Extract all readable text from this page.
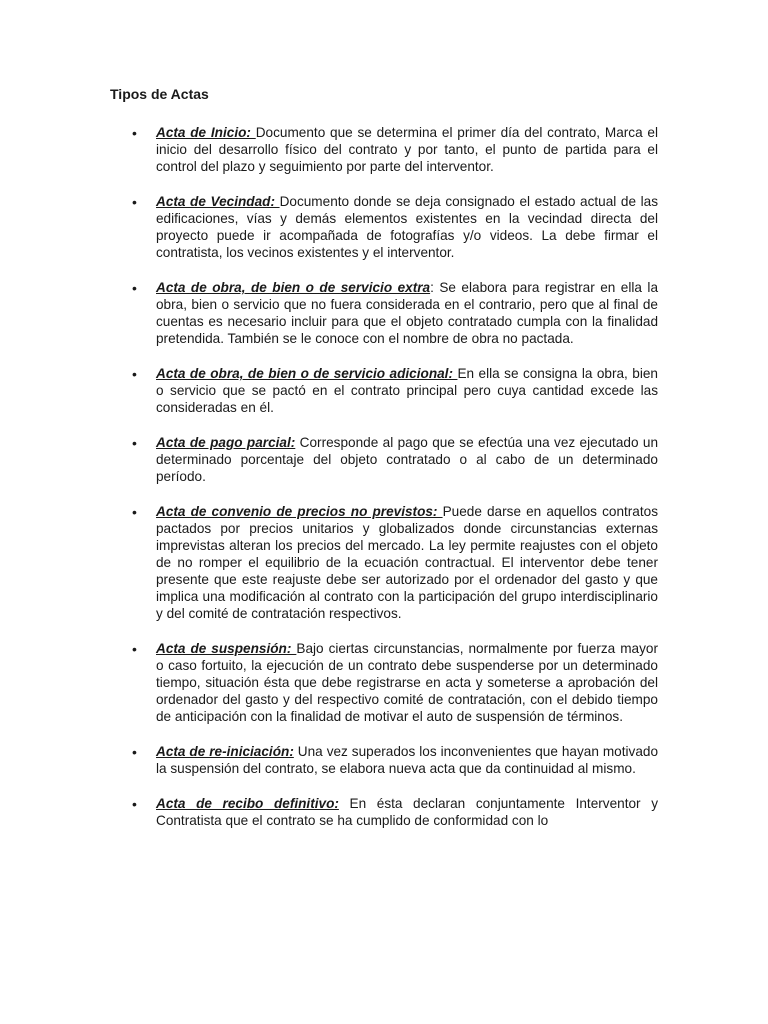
Tipos de Actas
• Acta de Inicio: Documento que se determina el primer día del contrato, Marca el inicio del desarrollo físico del contrato y por tanto, el punto de partida para el control del plazo y seguimiento por parte del interventor.

• Acta de Vecindad: Documento donde se deja consignado el estado actual de las edificaciones, vías y demás elementos existentes en la vecindad directa del proyecto puede ir acompañada de fotografías y/o videos. La debe firmar el contratista, los vecinos existentes y el interventor.

• Acta de obra, de bien o de servicio extra: Se elabora para registrar en ella la obra, bien o servicio que no fuera considerada en el contrario, pero que al final de cuentas es necesario incluir para que el objeto contratado cumpla con la finalidad pretendida. También se le conoce con el nombre de obra no pactada.

• Acta de obra, de bien o de servicio adicional: En ella se consigna la obra, bien o servicio que se pactó en el contrato principal pero cuya cantidad excede las consideradas en él.

• Acta de pago parcial: Corresponde al pago que se efectúa una vez ejecutado un determinado porcentaje del objeto contratado o al cabo de un determinado período.

• Acta de convenio de precios no previstos: Puede darse en aquellos contratos pactados por precios unitarios y globalizados donde circunstancias externas imprevistas alteran los precios del mercado. La ley permite reajustes con el objeto de no romper el equilibrio de la ecuación contractual. El interventor debe tener presente que este reajuste debe ser autorizado por el ordenador del gasto y que implica una modificación al contrato con la participación del grupo interdisciplinario y del comité de contratación respectivos.

• Acta de suspensión: Bajo ciertas circunstancias, normalmente por fuerza mayor o caso fortuito, la ejecución de un contrato debe suspenderse por un determinado tiempo, situación ésta que debe registrarse en acta y someterse a aprobación del ordenador del gasto y del respectivo comité de contratación, con el debido tiempo de anticipación con la finalidad de motivar el auto de suspensión de términos.

• Acta de re-iniciación: Una vez superados los inconvenientes que hayan motivado la suspensión del contrato, se elabora nueva acta que da continuidad al mismo.

• Acta de recibo definitivo: En ésta declaran conjuntamente Interventor y Contratista que el contrato se ha cumplido de conformidad con lo
